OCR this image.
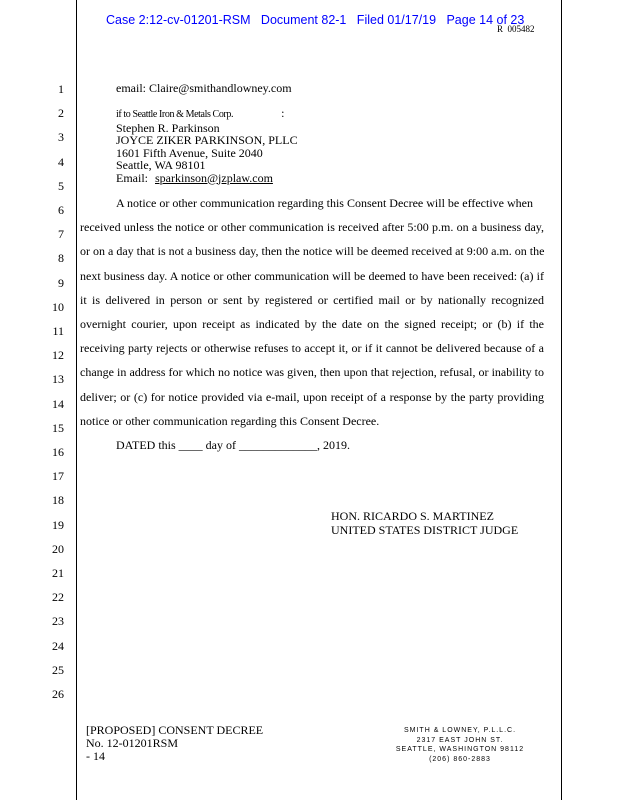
Case 2:12-cv-01201-RSM   Document 82-1   Filed 01/17/19   Page 14 of 23
R  005482
1
2
3
4
5
6
7
8
9
10
11
12
13
14
15
16
17
18
19
20
21
22
23
24
25
26
email: Claire@smithandlowney.com
if to Seattle Iron & Metals Corp.	:
Stephen R. Parkinson
JOYCE ZIKER PARKINSON, PLLC
1601 Fifth Avenue, Suite 2040
Seattle, WA 98101
Email: sparkinson@jzplaw.com
A notice or other communication regarding this Consent Decree will be effective when
received unless the notice or other communication is received after 5:00 p.m. on a business day,
or on a day that is not a business day, then the notice will be deemed received at 9:00 a.m. on the
next business day. A notice or other communication will be deemed to have been received: (a) if
it is delivered in person or sent by registered or certified mail or by nationally recognized
overnight courier, upon receipt as indicated by the date on the signed receipt; or (b) if the
receiving party rejects or otherwise refuses to accept it, or if it cannot be delivered because of a
change in address for which no notice was given, then upon that rejection, refusal, or inability to
deliver; or (c) for notice provided via e-mail, upon receipt of a response by the party providing
notice or other communication regarding this Consent Decree.
DATED this ____ day of _____________, 2019.
HON. RICARDO S. MARTINEZ
UNITED STATES DISTRICT JUDGE
[PROPOSED] CONSENT DECREE
No. 12-01201RSM
- 14
SMITH & LOWNEY, P.L.L.C.
2317 EAST JOHN ST.
SEATTLE, WASHINGTON 98112
(206) 860-2883
